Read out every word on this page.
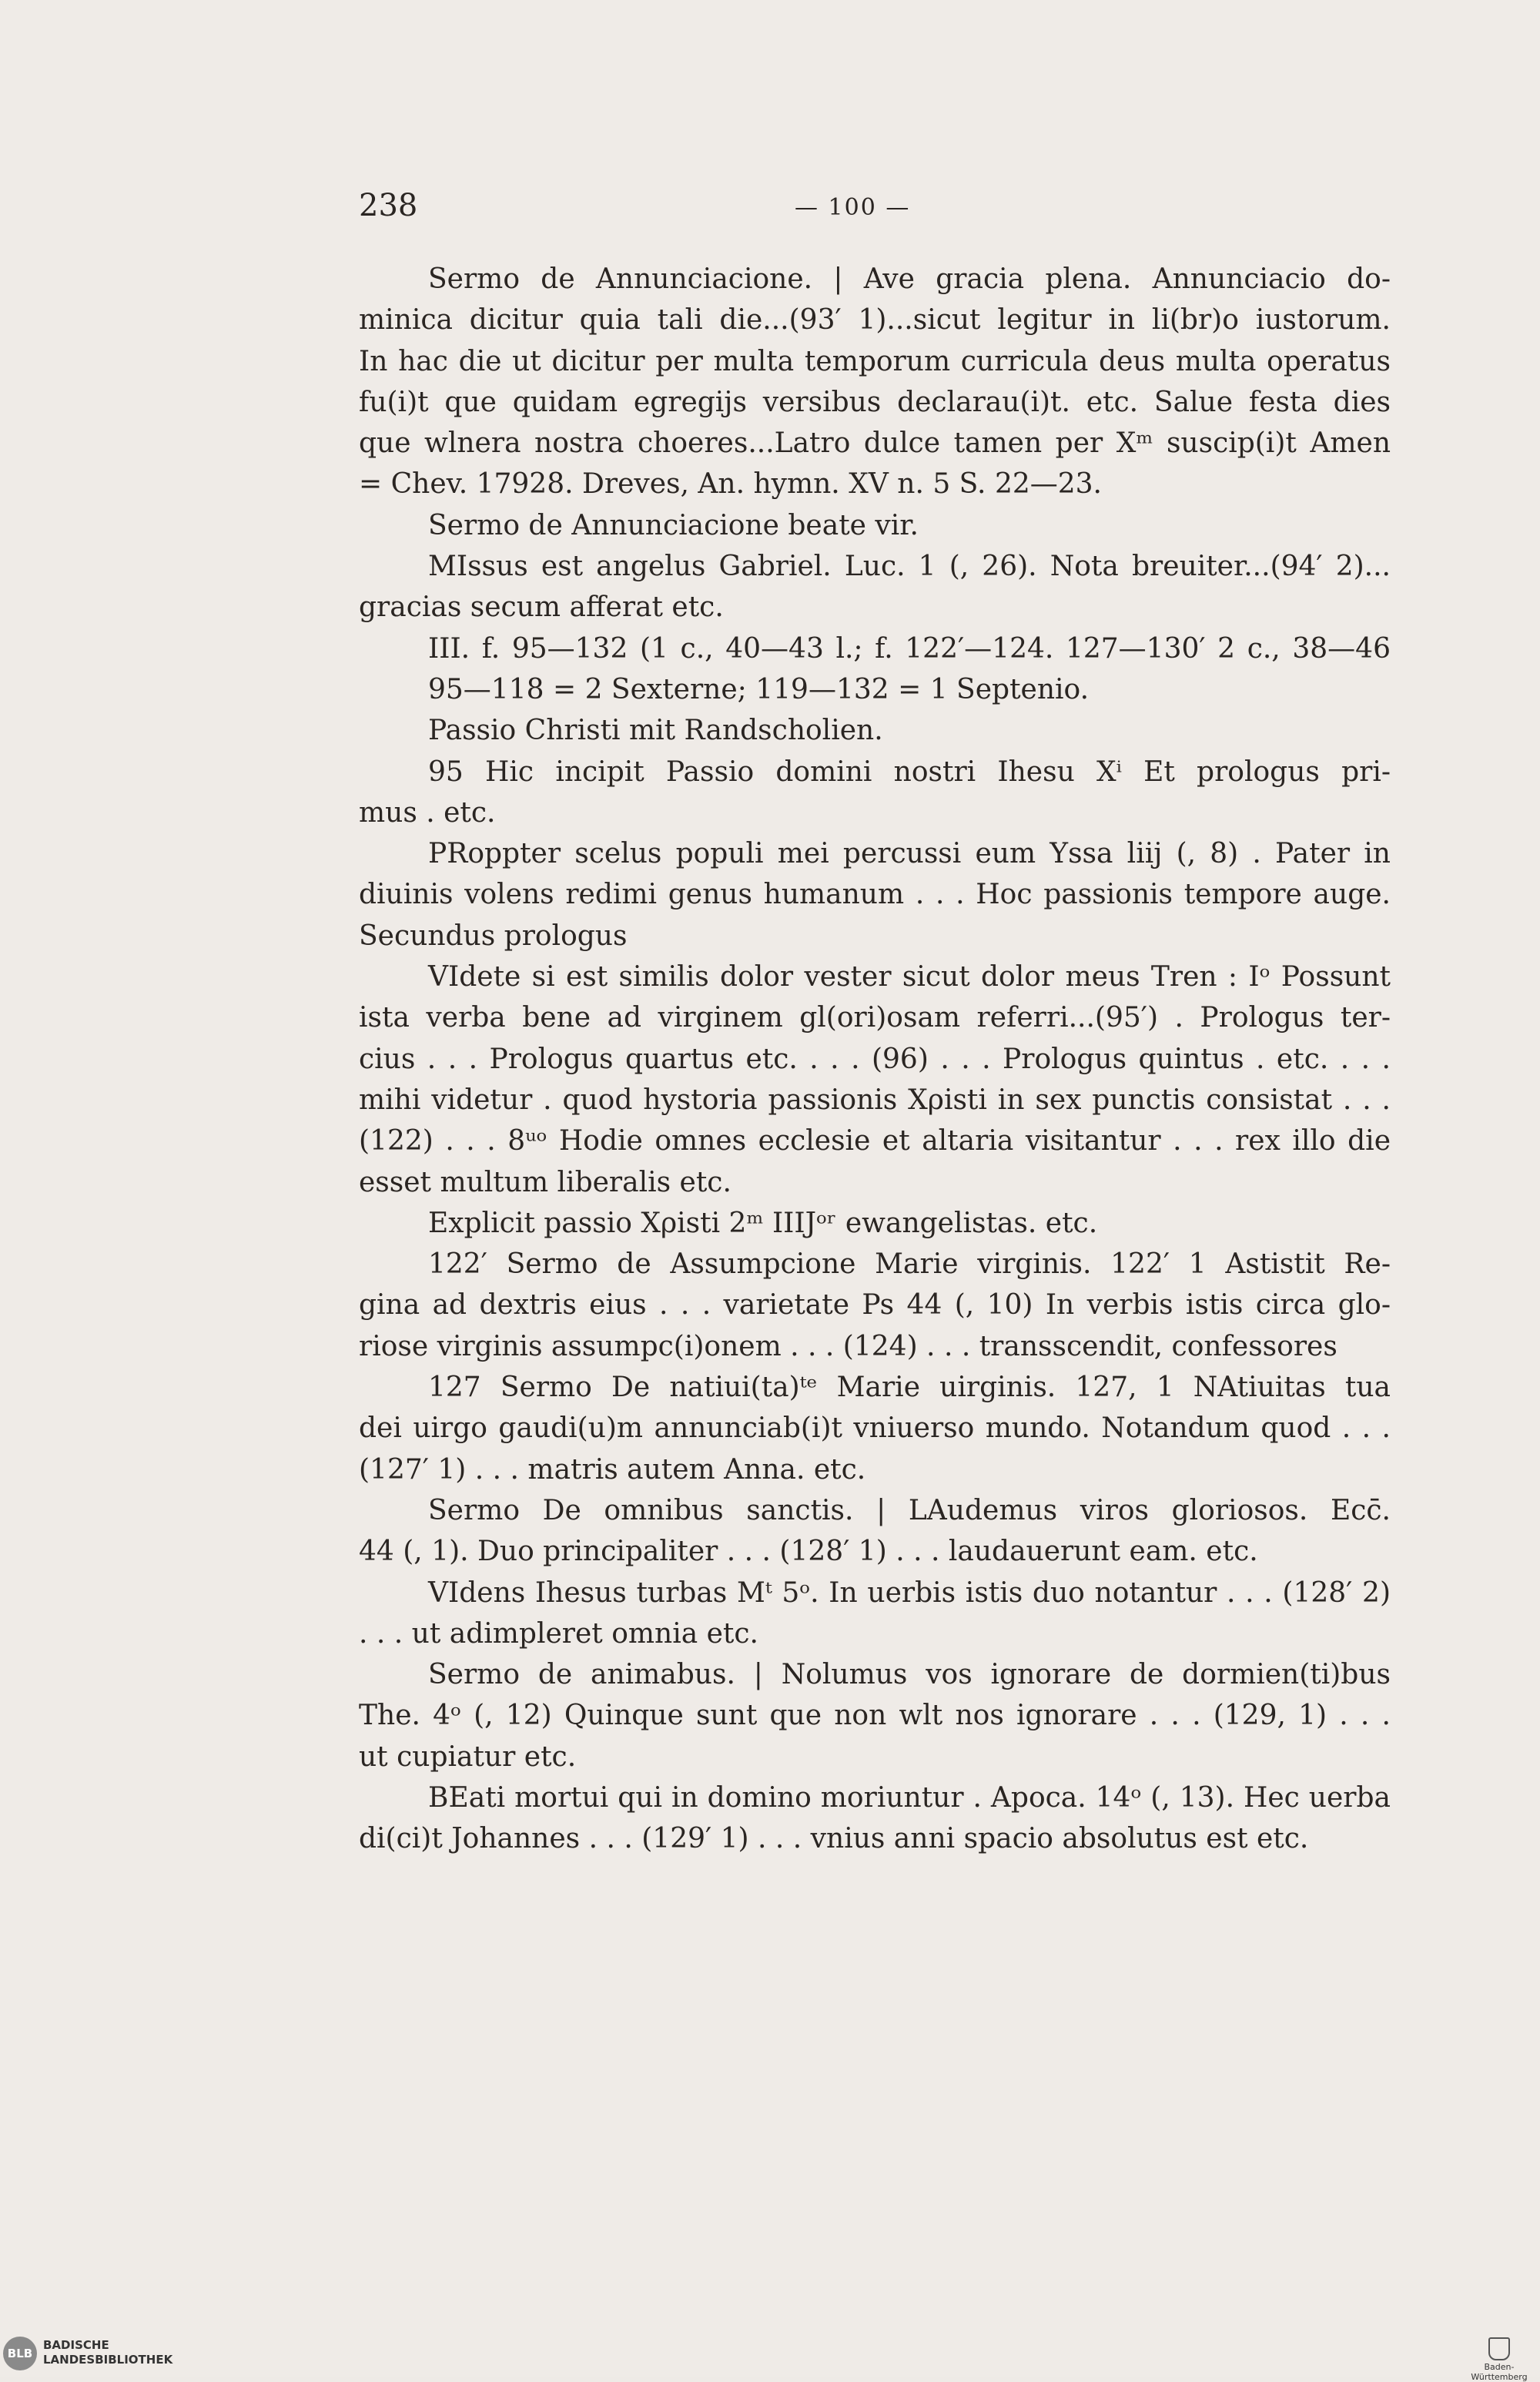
238	— 100 —
Sermo de Annunciacione. | Ave gracia plena. Annunciacio do-
minica dicitur quia tali die...(93′ 1)...sicut legitur in li(br)o iustorum.
In hac die ut dicitur per multa temporum curricula deus multa operatus
fu(i)t que quidam egregijs versibus declarau(i)t. etc. Salue festa dies
que wlnera nostra choeres...Latro dulce tamen per Xᵐ suscip(i)t Amen
= Chev. 17928. Dreves, An. hymn. XV n. 5 S. 22—23.
Sermo de Annunciacione beate vir.
MIssus est angelus Gabriel. Luc. 1 (, 26). Nota breuiter...(94′ 2)...
gracias secum afferat etc.
III. f. 95—132 (1 c., 40—43 l.; f. 122′—124. 127—130′ 2 c., 38—46
95—118 = 2 Sexterne; 119—132 = 1 Septenio.
Passio Christi mit Randscholien.
95 Hic incipit Passio domini nostri Ihesu Xⁱ Et prologus pri-
mus . etc.
PRoppter scelus populi mei percussi eum Yssa liij (, 8) . Pater in
diuinis volens redimi genus humanum . . . Hoc passionis tempore auge.
Secundus prologus
VIdete si est similis dolor vester sicut dolor meus Tren : Iᵒ Possunt
ista verba bene ad virginem gl(ori)osam referri...(95′) . Prologus ter-
cius . . . Prologus quartus etc. . . . (96) . . . Prologus quintus . etc. . . .
mihi videtur . quod hystoria passionis Xρisti in sex punctis consistat . . .
(122) . . . 8ᵘᵒ Hodie omnes ecclesie et altaria visitantur . . . rex illo die
esset multum liberalis etc.
Explicit passio Xρisti 2ᵐ IIIJᵒʳ ewangelistas. etc.
122′ Sermo de Assumpcione Marie virginis. 122′ 1 Astistit Re-
gina ad dextris eius . . . varietate Ps 44 (, 10) In verbis istis circa glo-
riose virginis assumpc(i)onem . . . (124) . . . transscendit, confessores
127 Sermo De natiui(ta)ᵗᵉ Marie uirginis. 127, 1 NAtiuitas tua
dei uirgo gaudi(u)m annunciab(i)t vniuerso mundo. Notandum quod . . .
(127′ 1) . . . matris autem Anna. etc.
Sermo De omnibus sanctis. | LAudemus viros gloriosos. Ecc̄.
44 (, 1). Duo principaliter . . . (128′ 1) . . . laudauerunt eam. etc.
VIdens Ihesus turbas Mᵗ 5ᵒ. In uerbis istis duo notantur . . . (128′ 2)
. . . ut adimpleret omnia etc.
Sermo de animabus. | Nolumus vos ignorare de dormien(ti)bus
The. 4ᵒ (, 12) Quinque sunt que non wlt nos ignorare . . . (129, 1) . . .
ut cupiatur etc.
BEati mortui qui in domino moriuntur . Apoca. 14ᵒ (, 13). Hec uerba
di(ci)t Johannes . . . (129′ 1) . . . vnius anni spacio absolutus est etc.
BLB
BADISCHE
LANDESBIBLIOTHEK
Baden-Württemberg
